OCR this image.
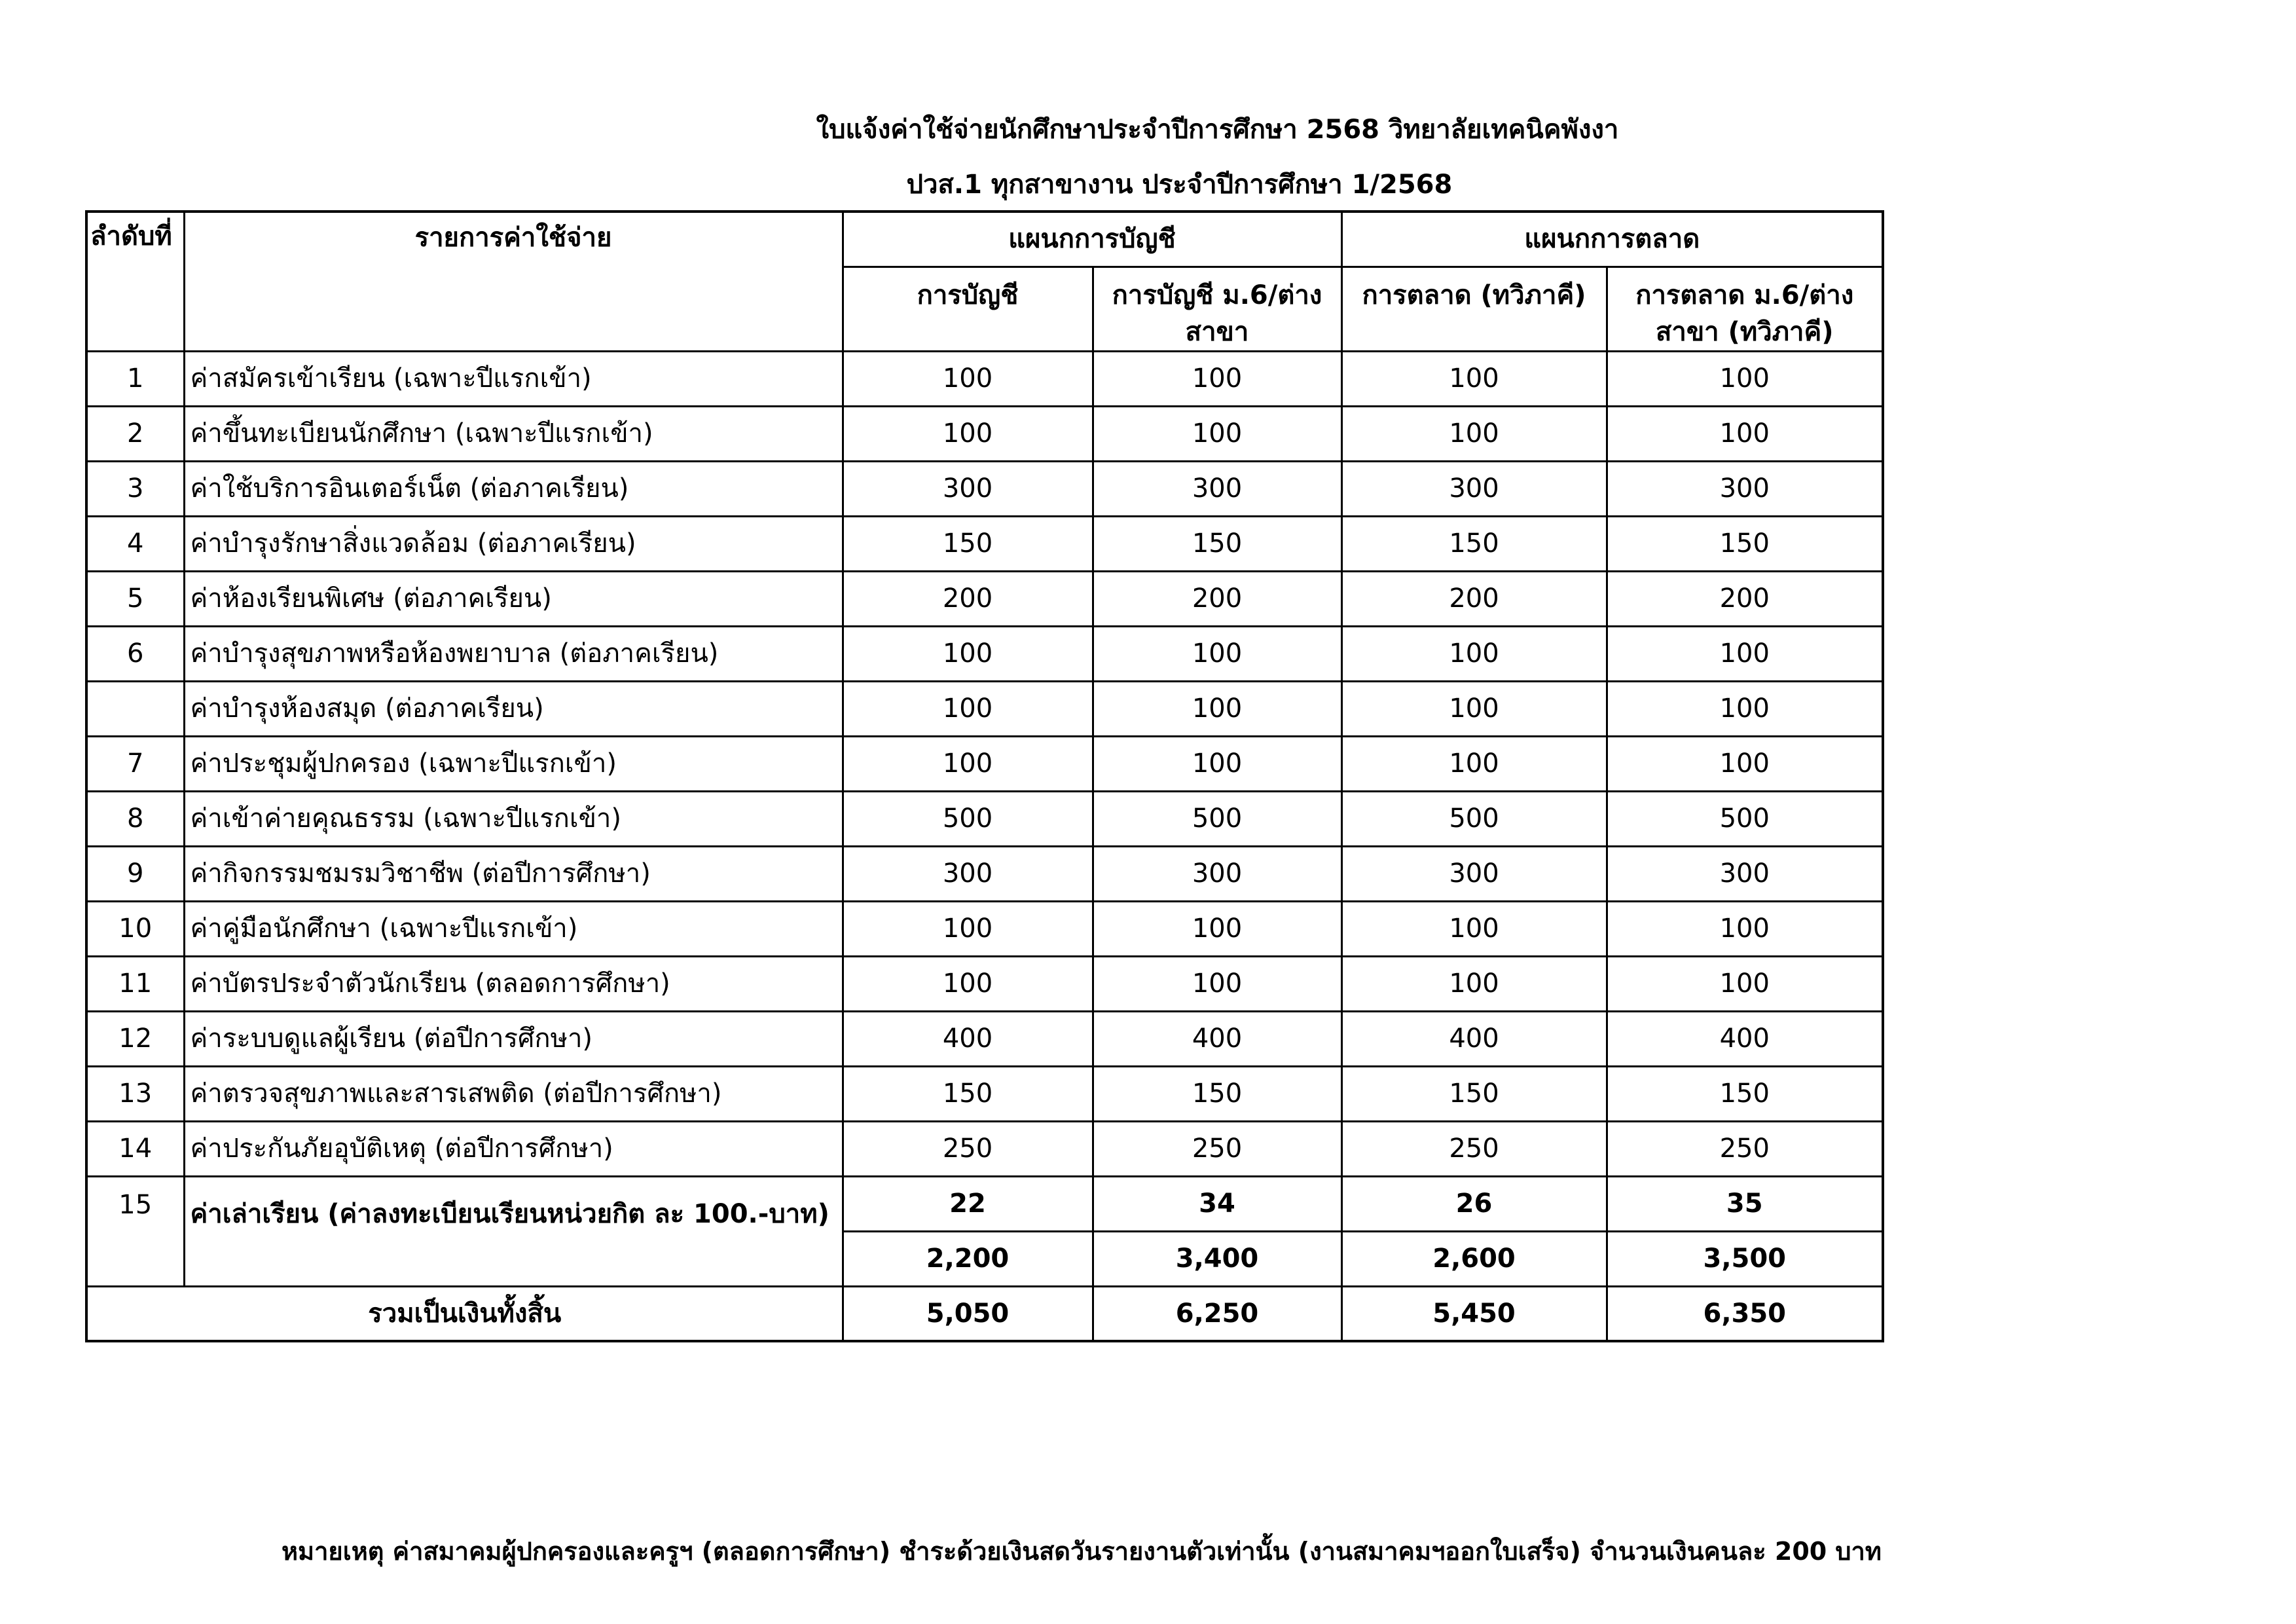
ใบแจ้งค่าใช้จ่ายนักศึกษาประจำปีการศึกษา 2568 วิทยาลัยเทคนิคพังงา
ปวส.1 ทุกสาขางาน ประจำปีการศึกษา 1/2568
ลำดับที่	รายการค่าใช้จ่าย	แผนกการบัญชี		แผนกการตลาด	
		การบัญชี	การบัญชี ม.6/ต่างสาขา	การตลาด (ทวิภาคี)	การตลาด ม.6/ต่างสาขา (ทวิภาคี)
1	ค่าสมัครเข้าเรียน (เฉพาะปีแรกเข้า)	100	100	100	100
2	ค่าขึ้นทะเบียนนักศึกษา (เฉพาะปีแรกเข้า)	100	100	100	100
3	ค่าใช้บริการอินเตอร์เน็ต (ต่อภาคเรียน)	300	300	300	300
4	ค่าบำรุงรักษาสิ่งแวดล้อม (ต่อภาคเรียน)	150	150	150	150
5	ค่าห้องเรียนพิเศษ (ต่อภาคเรียน)	200	200	200	200
6	ค่าบำรุงสุขภาพหรือห้องพยาบาล (ต่อภาคเรียน)	100	100	100	100
	ค่าบำรุงห้องสมุด (ต่อภาคเรียน)	100	100	100	100
7	ค่าประชุมผู้ปกครอง (เฉพาะปีแรกเข้า)	100	100	100	100
8	ค่าเข้าค่ายคุณธรรม (เฉพาะปีแรกเข้า)	500	500	500	500
9	ค่ากิจกรรมชมรมวิชาชีพ (ต่อปีการศึกษา)	300	300	300	300
10	ค่าคู่มือนักศึกษา (เฉพาะปีแรกเข้า)	100	100	100	100
11	ค่าบัตรประจำตัวนักเรียน (ตลอดการศึกษา)	100	100	100	100
12	ค่าระบบดูแลผู้เรียน (ต่อปีการศึกษา)	400	400	400	400
13	ค่าตรวจสุขภาพและสารเสพติด (ต่อปีการศึกษา)	150	150	150	150
14	ค่าประกันภัยอุบัติเหตุ (ต่อปีการศึกษา)	250	250	250	250
15	ค่าเล่าเรียน (ค่าลงทะเบียนเรียนหน่วยกิต ละ 100.-บาท)	22	34	26	35
		2,200	3,400	2,600	3,500
รวมเป็นเงินทั้งสิ้น		5,050	6,250	5,450	6,350
หมายเหตุ ค่าสมาคมผู้ปกครองและครูฯ (ตลอดการศึกษา) ชำระด้วยเงินสดวันรายงานตัวเท่านั้น (งานสมาคมฯออกใบเสร็จ) จำนวนเงินคนละ 200 บาท
